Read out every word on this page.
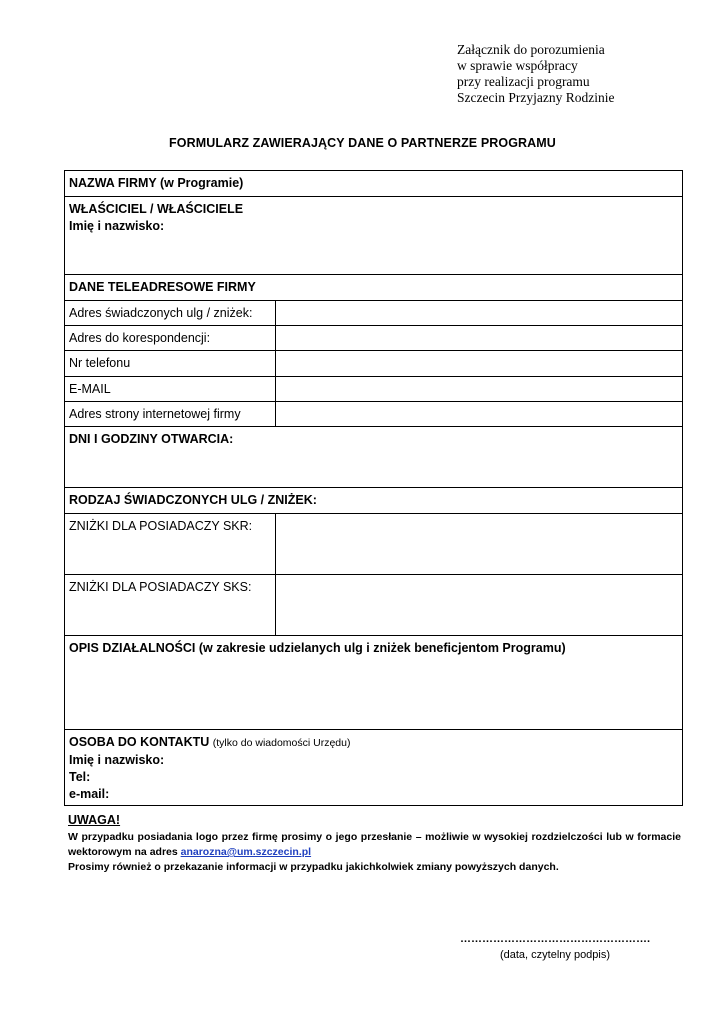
Załącznik do porozumienia
w sprawie współpracy
przy realizacji programu
Szczecin Przyjazny Rodzinie
FORMULARZ ZAWIERAJĄCY DANE O PARTNERZE PROGRAMU
NAZWA FIRMY (w Programie)	

WŁAŚCICIEL / WŁAŚCICIELE
Imię i nazwisko:	

DANE TELEADRESOWE FIRMY	
Adres świadczonych ulg / zniżek:	
Adres do korespondencji:	
Nr telefonu	
E-MAIL	
Adres strony internetowej firmy	
DNI I GODZINY OTWARCIA:	
RODZAJ ŚWIADCZONYCH ULG / ZNIŻEK:	
ZNIŻKI DLA POSIADACZY SKR:	
ZNIŻKI DLA POSIADACZY SKS:	
OPIS DZIAŁALNOŚCI (w zakresie udzielanych ulg i zniżek beneficjentom Programu)	

OSOBA DO KONTAKTU (tylko do wiadomości Urzędu)
Imię i nazwisko:
Tel:
e-mail:	
UWAGA!

W przypadku posiadania logo przez firmę prosimy o jego przesłanie – możliwie w wysokiej rozdzielczości lub w formacie wektorowym na adres anarozna@um.szczecin.pl

Prosimy również o przekazanie informacji w przypadku jakichkolwiek zmiany powyższych danych.

…………………………………………….
(data, czytelny podpis)
